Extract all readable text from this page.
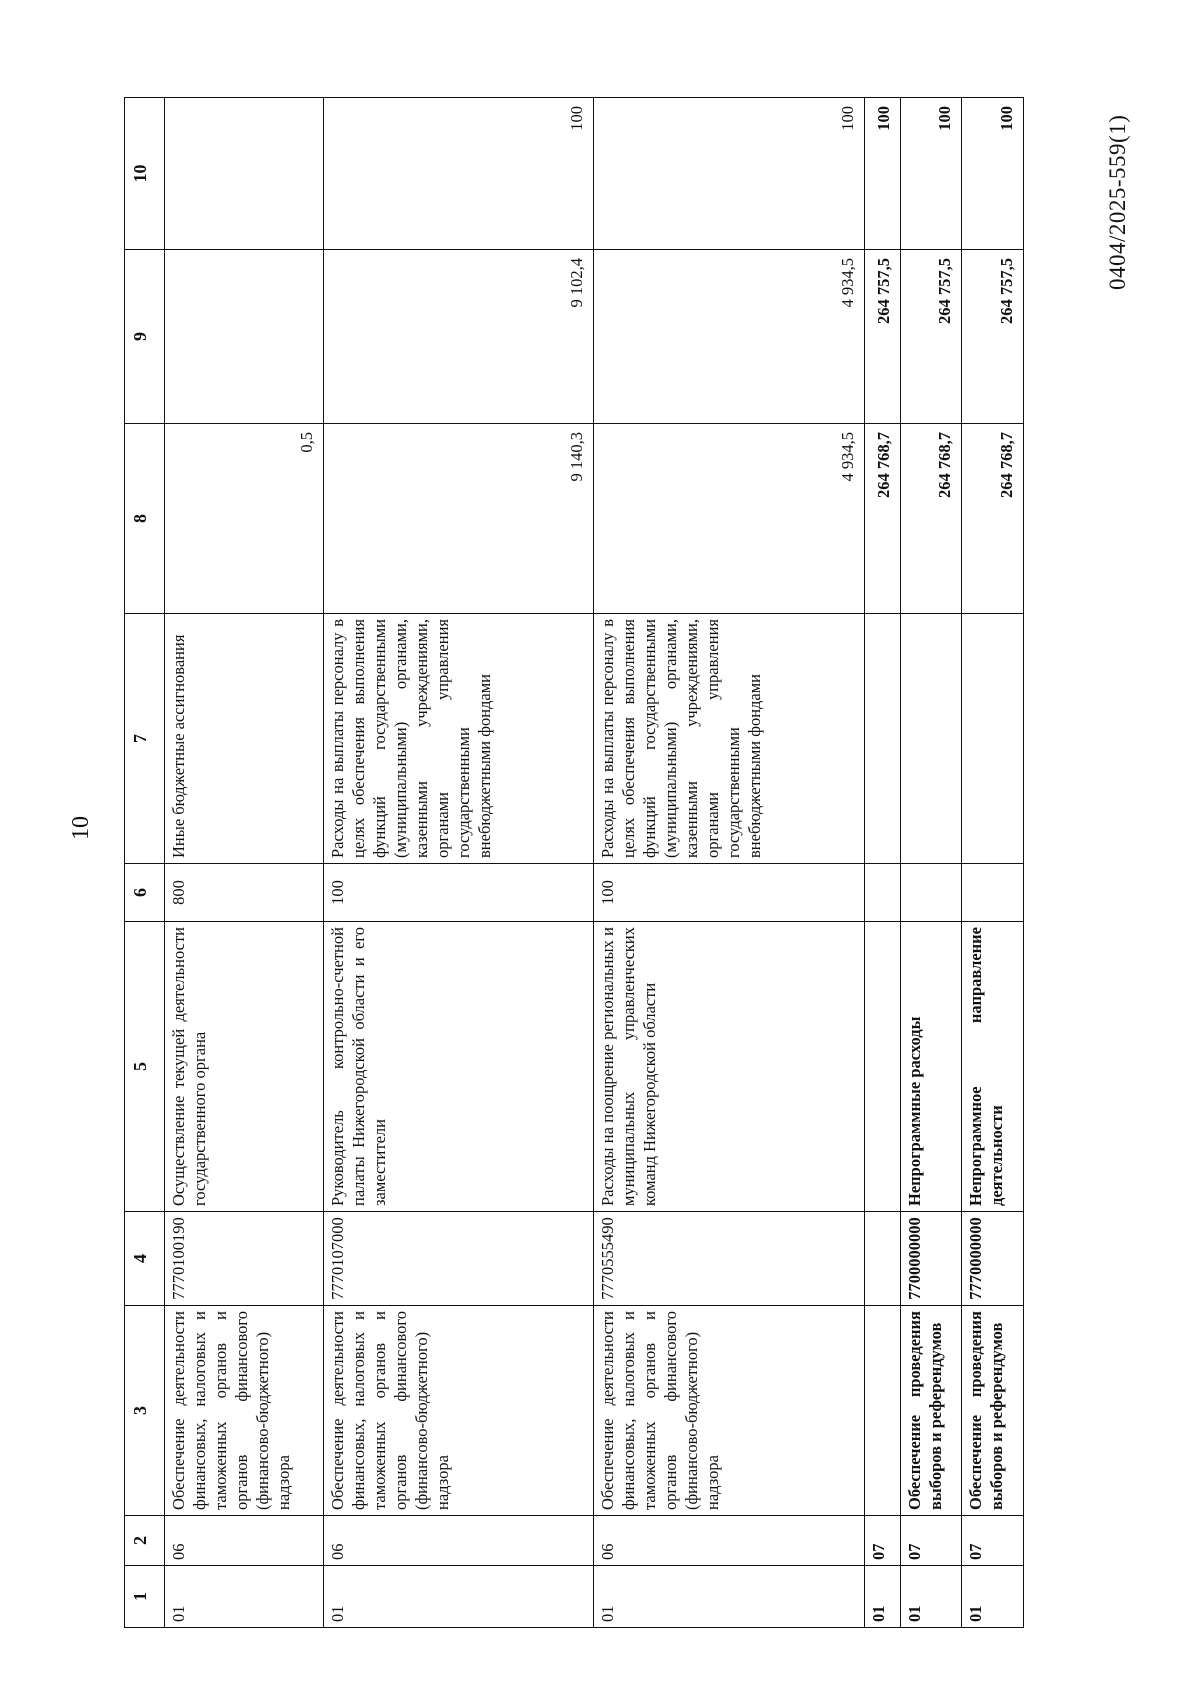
10
0404/2025-559(1)
1	2	3	4	5	6	7	8	9	10
01	06	Обеспечение деятельности финансовых, налоговых и таможенных органов и органов финансового (финансово-бюджетного) надзора	7770100190	Осуществление текущей деятельности государственного органа	800	Иные бюджетные ассигнования	0,5		
01	06	Обеспечение деятельности финансовых, налоговых и таможенных органов и органов финансового (финансово-бюджетного) надзора	7770107000	Руководитель контрольно-счетной палаты Нижегородской области и его заместители	100	Расходы на выплаты персоналу в целях обеспечения выполнения функций государственными (муниципальными) органами, казенными учреждениями, органами управления государственными внебюджетными фондами	9 140,3	9 102,4	100
01	06	Обеспечение деятельности финансовых, налоговых и таможенных органов и органов финансового (финансово-бюджетного) надзора	7770555490	Расходы на поощрение региональных и муниципальных управленческих команд Нижегородской области	100	Расходы на выплаты персоналу в целях обеспечения выполнения функций государственными (муниципальными) органами, казенными учреждениями, органами управления государственными внебюджетными фондами	4 934,5	4 934,5	100
01	07						264 768,7	264 757,5	100
01	07	Обеспечение проведения выборов и референдумов	7700000000	Непрограммные расходы			264 768,7	264 757,5	100
01	07	Обеспечение проведения выборов и референдумов	7770000000	Непрограммное направление деятельности			264 768,7	264 757,5	100
